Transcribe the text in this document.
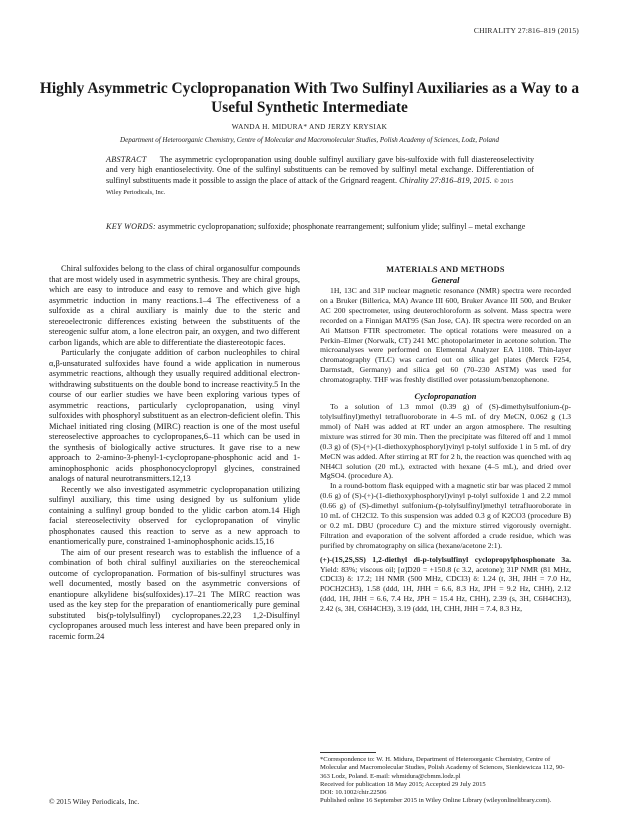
CHIRALITY 27:816–819 (2015)
Highly Asymmetric Cyclopropanation With Two Sulfinyl Auxiliaries as a Way to a Useful Synthetic Intermediate
WANDA H. MIDURA* AND JERZY KRYSIAK
Department of Heteroorganic Chemistry, Centre of Molecular and Macromolecular Studies, Polish Academy of Sciences, Lodz, Poland
ABSTRACT The asymmetric cyclopropanation using double sulfinyl auxiliary gave bis-sulfoxide with full diastereoselectivity and very high enantioselectivity. One of the sulfinyl substituents can be removed by sulfinyl metal exchange. Differentiation of sulfinyl substituents made it possible to assign the place of attack of the Grignard reagent. Chirality 27:816–819, 2015. © 2015
Wiley Periodicals, Inc.
KEY WORDS: asymmetric cyclopropanation; sulfoxide; phosphonate rearrangement; sulfonium ylide; sulfinyl – metal exchange

Chiral sulfoxides belong to the class of chiral organosulfur compounds that are most widely used in asymmetric synthesis. They are chiral groups, which are easy to introduce and easy to remove and which give high asymmetric induction in many reactions.1–4 The effectiveness of a sulfoxide as a chiral auxiliary is mainly due to the steric and stereoelectronic differences existing between the substituents of the stereogenic sulfur atom, a lone electron pair, an oxygen, and two different carbon ligands, which are able to differentiate the diastereotopic faces.

Particularly the conjugate addition of carbon nucleophiles to chiral α,β-unsaturated sulfoxides have found a wide application in numerous asymmetric reactions, although they usually required additional electron-withdrawing substituents on the double bond to increase reactivity.5 In the course of our earlier studies we have been exploring various types of asymmetric reactions, particularly cyclopropanation, using vinyl sulfoxides with phosphoryl substituent as an electron-deficient olefin. This Michael initiated ring closing (MIRC) reaction is one of the most useful stereoselective approaches to cyclopropanes,6–11 which can be used in the synthesis of biologically active structures. It gave rise to a new approach to 2-amino-3-phenyl-1-cyclopropane-phosphonic acid and 1-aminophosphonic acids phosphonocyclopropyl glycines, constrained analogs of natural neurotransmitters.12,13

Recently we also investigated asymmetric cyclopropanation utilizing sulfinyl auxiliary, this time using designed by us sulfonium ylide containing a sulfinyl group bonded to the ylidic carbon atom.14 High facial stereoselectivity observed for cyclopropanation of vinylic phosphonates caused this reaction to serve as a new approach to enantiomerically pure, constrained 1-aminophosphonic acids.15,16

The aim of our present research was to establish the influence of a combination of both chiral sulfinyl auxiliaries on the stereochemical outcome of cyclopropanation. Formation of bis-sulfinyl structures was well documented, mostly based on the asymmetric conversions of enantiopure alkylidene bis(sulfoxides).17–21 The MIRC reaction was used as the key step for the preparation of enantiomerically pure geminal substituted bis(p-tolylsulfinyl) cyclopropanes.22,23 1,2-Disulfinyl cyclopropanes aroused much less interest and have been prepared only in racemic form.24

MATERIALS AND METHODS
General

1H, 13C and 31P nuclear magnetic resonance (NMR) spectra were recorded on a Bruker (Billerica, MA) Avance III 600, Bruker Avance III 500, and Bruker AC 200 spectrometer, using deuterochloroform as solvent. Mass spectra were recorded on a Finnigan MAT95 (San Jose, CA). IR spectra were recorded on an Ati Mattson FTIR spectrometer. The optical rotations were measured on a Perkin–Elmer (Norwalk, CT) 241 MC photopolarimeter in acetone solution. The microanalyses were performed on Elemental Analyzer EA 1108. Thin-layer chromatography (TLC) was carried out on silica gel plates (Merck F254, Darmstadt, Germany) and silica gel 60 (70–230 ASTM) was used for chromatography. THF was freshly distilled over potassium/benzophenone.

Cyclopropanation

To a solution of 1.3 mmol (0.39 g) of (S)-dimethylsulfonium-(p-tolylsulfinyl)methyl tetrafluoroborate in 4–5 mL of dry MeCN, 0.062 g (1.3 mmol) of NaH was added at RT under an argon atmosphere. The resulting mixture was stirred for 30 min. Then the precipitate was filtered off and 1 mmol (0.3 g) of (S)-(+)-(1-diethoxyphosphoryl)vinyl p-tolyl sulfoxide 1 in 5 mL of dry MeCN was added. After stirring at RT for 2 h, the reaction was quenched with aq NH4Cl solution (20 mL), extracted with hexane (4–5 mL), and dried over MgSO4. (procedure A).

In a round-bottom flask equipped with a magnetic stir bar was placed 2 mmol (0.6 g) of (S)-(+)-(1-diethoxyphosphoryl)vinyl p-tolyl sulfoxide 1 and 2.2 mmol (0.66 g) of (S)-dimethyl sulfonium-(p-tolylsulfinyl)methyl tetrafluoroborate in 10 mL of CH2Cl2. To this suspension was added 0.3 g of K2CO3 (procedure B) or 0.2 mL DBU (procedure C) and the mixture stirred vigorously overnight. Filtration and evaporation of the solvent afforded a crude residue, which was purified by chromatography on silica (hexane/acetone 2:1).

(+)-(1S,2S,SS) 1,2-diethyl di-p-tolylsulfinyl cyclopropylphosphonate 3a. Yield: 83%; viscous oil; [α]D20 = +150.8 (c 3.2, acetone); 31P NMR (81 MHz, CDCl3) δ: 17.2; 1H NMR (500 MHz, CDCl3) δ: 1.24 (t, 3H, JHH = 7.0 Hz, POCH2CH3), 1.58 (ddd, 1H, JHH = 6.6, 8.3 Hz, JPH = 9.2 Hz, CHH), 2.12 (ddd, 1H, JHH = 6.6, 7.4 Hz, JPH = 15.4 Hz, CHH), 2.39 (s, 3H, C6H4CH3), 2.42 (s, 3H, C6H4CH3), 3.19 (ddd, 1H, CHH, JHH = 7.4, 8.3 Hz,

*Correspondence to: W. H. Midura, Department of Heteroorganic Chemistry, Centre of Molecular and Macromolecular Studies, Polish Academy of Sciences, Sienkiewicza 112, 90-363 Lodz, Poland. E-mail: whmidura@cbmm.lodz.pl
Received for publication 18 May 2015; Accepted 29 July 2015
DOI: 10.1002/chir.22506
Published online 16 September 2015 in Wiley Online Library (wileyonlinelibrary.com).
© 2015 Wiley Periodicals, Inc.
